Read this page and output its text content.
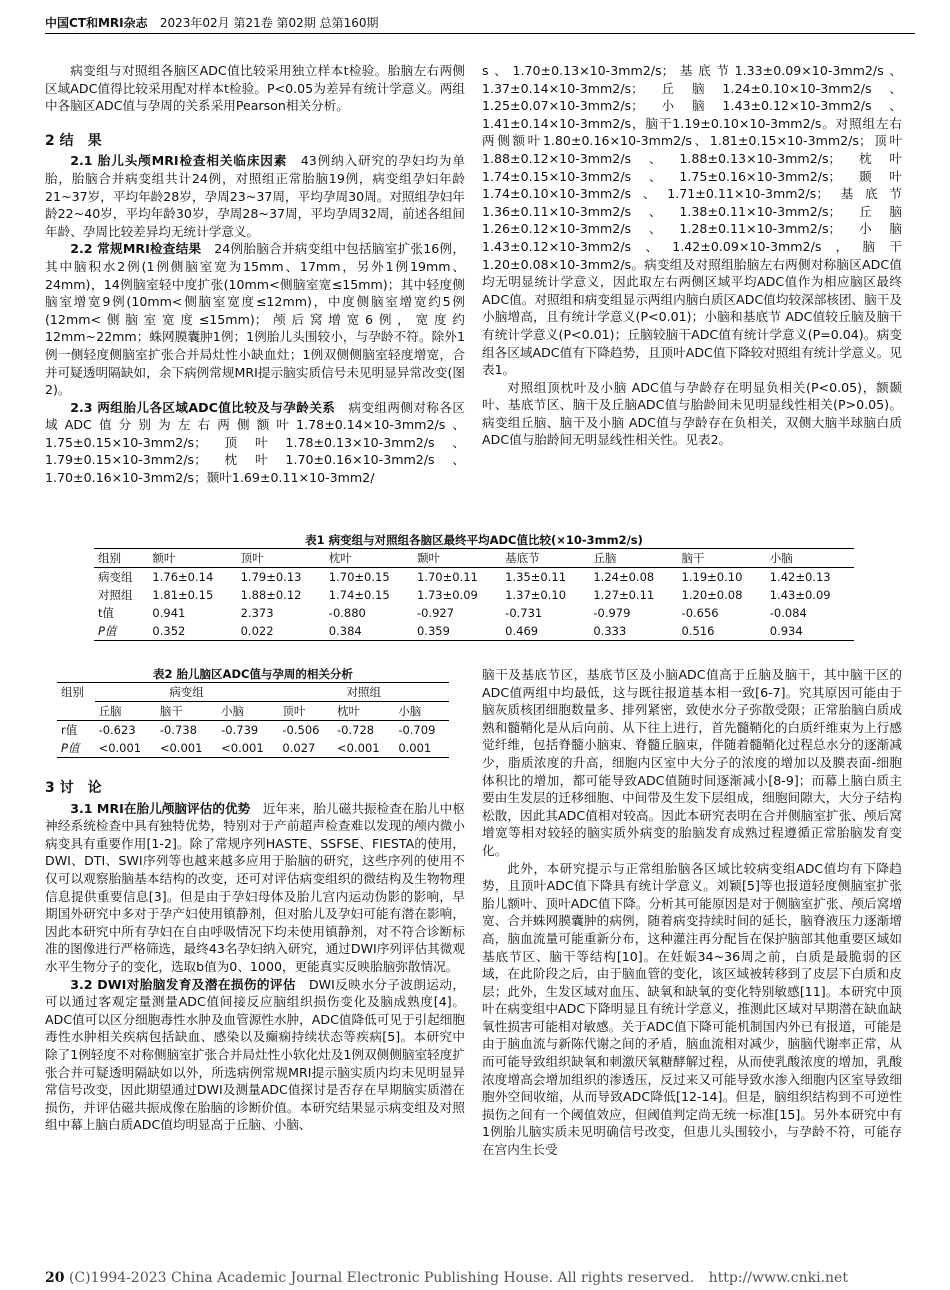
中国CT和MRI杂志 2023年02月 第21卷 第02期 总第160期

病变组与对照组各脑区ADC值比较采用独立样本t检验。胎脑左右两侧区域ADC值得比较采用配对样本t检验。P<0.05为差异有统计学意义。两组中各脑区ADC值与孕周的关系采用Pearson相关分析。

2 结　果

2.1 胎儿头颅MRI检查相关临床因素　 43例纳入研究的孕妇均为单胎，胎脑合并病变组共计24例，对照组正常胎脑19例，病变组孕妇年龄21~37岁，平均年龄28岁，孕周23~37周，平均孕周30周。对照组孕妇年龄22~40岁，平均年龄30岁，孕周28~37周，平均孕周32周，前述各组间年龄、孕周比较差异均无统计学意义。

2.2 常规MRI检查结果　 24例胎脑合并病变组中包括脑室扩张16例，其中脑积水2例(1例侧脑室宽为15mm、17mm，另外1例19mm、24mm)，14例脑室轻中度扩张(10mm<侧脑室宽≤15mm)；其中轻度侧脑室增宽9例(10mm<侧脑室宽度≤12mm)，中度侧脑室增宽约5例(12mm<侧脑室宽度≤15mm)；颅后窝增宽6例，宽度约12mm~22mm；蛛网膜囊肿1例；1例胎儿头围较小，与孕龄不符。除外1例一侧轻度侧脑室扩张合并局灶性小缺血灶；1例双侧侧脑室轻度增宽，合并可疑透明隔缺如，余下病例常规MRI提示脑实质信号未见明显异常改变(图2)。

2.3 两组胎儿各区域ADC值比较及与孕龄关系　 病变组两侧对称各区域ADC值分别为左右两侧额叶1.78±0.14×10-3mm2/s、1.75±0.15×10-3mm2/s；顶叶1.78±0.13×10-3mm2/s、1.79±0.15×10-3mm2/s；枕叶1.70±0.16×10-3mm2/s、1.70±0.16×10-3mm2/s；颞叶1.69±0.11×10-3mm2/

s、1.70±0.13×10-3mm2/s；基底节1.33±0.09×10-3mm2/s、1.37±0.14×10-3mm2/s；丘脑1.24±0.10×10-3mm2/s、1.25±0.07×10-3mm2/s；小脑1.43±0.12×10-3mm2/s、1.41±0.14×10-3mm2/s，脑干1.19±0.10×10-3mm2/s。对照组左右两侧额叶1.80±0.16×10-3mm2/s、1.81±0.15×10-3mm2/s；顶叶1.88±0.12×10-3mm2/s、1.88±0.13×10-3mm2/s；枕叶1.74±0.15×10-3mm2/s、1.75±0.16×10-3mm2/s；颞叶1.74±0.10×10-3mm2/s、1.71±0.11×10-3mm2/s；基底节1.36±0.11×10-3mm2/s、1.38±0.11×10-3mm2/s；丘脑1.26±0.12×10-3mm2/s、1.28±0.11×10-3mm2/s；小脑1.43±0.12×10-3mm2/s、1.42±0.09×10-3mm2/s，脑干1.20±0.08×10-3mm2/s。病变组及对照组胎脑左右两侧对称脑区ADC值均无明显统计学意义，因此取左右两侧区域平均ADC值作为相应脑区最终ADC值。对照组和病变组显示两组内脑白质区ADC值均较深部核团、脑干及小脑增高，且有统计学意义(P<0.01)；小脑和基底节 ADC值较丘脑及脑干有统计学意义(P<0.01)；丘脑较脑干ADC值有统计学意义(P=0.04)。病变组各区域ADC值有下降趋势，且顶叶ADC值下降较对照组有统计学意义。见表1。

对照组顶枕叶及小脑 ADC值与孕龄存在明显负相关(P<0.05)，额颞叶、基底节区、脑干及丘脑ADC值与胎龄间未见明显线性相关(P>0.05)。病变组丘脑、脑干及小脑 ADC值与孕龄存在负相关，双侧大脑半球脑白质 ADC值与胎龄间无明显线性相关性。见表2。

表1 病变组与对照组各脑区最终平均ADC值比较(×10-3mm2/s)
组别	额叶	顶叶	枕叶	颞叶	基底节	丘脑	脑干	小脑
病变组	1.76±0.14	1.79±0.13	1.70±0.15	1.70±0.11	1.35±0.11	1.24±0.08	1.19±0.10	1.42±0.13
对照组	1.81±0.15	1.88±0.12	1.74±0.15	1.73±0.09	1.37±0.10	1.27±0.11	1.20±0.08	1.43±0.09
t值	0.941	2.373	-0.880	-0.927	-0.731	-0.979	-0.656	-0.084
P值	0.352	0.022	0.384	0.359	0.469	0.333	0.516	0.934
表2 胎儿脑区ADC值与孕周的相关分析
组别	病变组			对照组		
	丘脑	脑干	小脑	顶叶	枕叶	小脑
r值	-0.623	-0.738	-0.739	-0.506	-0.728	-0.709
P值	<0.001	<0.001	<0.001	0.027	<0.001	0.001
3 讨　论

3.1 MRI在胎儿颅脑评估的优势　 近年来，胎儿磁共振检查在胎儿中枢神经系统检查中具有独特优势，特别对于产前超声检查难以发现的颅内微小病变具有重要作用[1-2]。除了常规序列HASTE、SSFSE、FIESTA的使用，DWI、DTI、SWI序列等也越来越多应用于胎脑的研究，这些序列的使用不仅可以观察胎脑基本结构的改变，还可对评估病变组织的微结构及生物物理信息提供重要信息[3]。但是由于孕妇母体及胎儿宫内运动伪影的影响，早期国外研究中多对于孕产妇使用镇静剂，但对胎儿及孕妇可能有潜在影响，因此本研究中所有孕妇在自由呼吸情况下均未使用镇静剂，对不符合诊断标准的图像进行严格筛选，最终43名孕妇纳入研究，通过DWI序列评估其微观水平生物分子的变化，选取b值为0、1000，更能真实反映胎脑弥散情况。

3.2 DWI对胎脑发育及潜在损伤的评估　 DWI反映水分子波朗运动，可以通过客观定量测量ADC值间接反应脑组织损伤变化及脑成熟度[4]。ADC值可以区分细胞毒性水肿及血管源性水肿，ADC值降低可见于引起细胞毒性水肿相关疾病包括缺血、感染以及癫痫持续状态等疾病[5]。本研究中除了1例轻度不对称侧脑室扩张合并局灶性小软化灶及1例双侧侧脑室轻度扩张合并可疑透明隔缺如以外，所选病例常规MRI提示脑实质内均未见明显异常信号改变，因此期望通过DWI及测量ADC值探讨是否存在早期脑实质潜在损伤，并评估磁共振成像在胎脑的诊断价值。本研究结果显示病变组及对照组中幕上脑白质ADC值均明显高于丘脑、小脑、

脑干及基底节区，基底节区及小脑ADC值高于丘脑及脑干，其中脑干区的ADC值两组中均最低，这与既往报道基本相一致[6-7]。究其原因可能由于脑灰质核团细胞数量多、排列紧密，致使水分子弥散受限；正常胎脑白质成熟和髓鞘化是从后向前、从下往上进行，首先髓鞘化的白质纤维束为上行感觉纤维，包括脊髓小脑束、脊髓丘脑束，伴随着髓鞘化过程总水分的逐渐减少，脂质浓度的升高，细胞内区室中大分子的浓度的增加以及膜表面-细胞体积比的增加，都可能导致ADC值随时间逐渐减小[8-9]；而幕上脑白质主要由生发层的迁移细胞、中间带及生发下层组成，细胞间隙大，大分子结构松散，因此其ADC值相对较高。因此本研究表明在合并侧脑室扩张、颅后窝增宽等相对较轻的脑实质外病变的胎脑发育成熟过程遵循正常胎脑发育变化。

此外，本研究提示与正常组胎脑各区域比较病变组ADC值均有下降趋势，且顶叶ADC值下降具有统计学意义。刘颖[5]等也报道轻度侧脑室扩张胎儿额叶、顶叶ADC值下降。分析其可能原因是对于侧脑室扩张、颅后窝增宽、合并蛛网膜囊肿的病例，随着病变持续时间的延长，脑脊液压力逐渐增高，脑血流量可能重新分布，这种灌注再分配旨在保护脑部其他重要区域如基底节区、脑干等结构[10]。在妊娠34~36周之前，白质是最脆弱的区域，在此阶段之后，由于脑血管的变化，该区域被转移到了皮层下白质和皮层；此外，生发区域对血压、缺氧和缺氧的变化特别敏感[11]。本研究中顶叶在病变组中ADC下降明显且有统计学意义，推测此区域对早期潜在缺血缺氧性损害可能相对敏感。关于ADC值下降可能机制国内外已有报道，可能是由于脑血流与新陈代谢之间的矛盾，脑血流相对减少，脑脑代谢率正常，从而可能导致组织缺氧和刺激厌氧糖酵解过程，从而使乳酸浓度的增加，乳酸浓度增高会增加组织的渗透压，反过来又可能导致水渗入细胞内区室导致细胞外空间收缩，从而导致ADC降低[12-14]。但是，脑组织结构到不可逆性损伤之间有一个阈值效应，但阈值判定尚无统一标准[15]。另外本研究中有1例胎儿脑实质未见明确信号改变，但患儿头围较小，与孕龄不符，可能存在宫内生长受

20 (C)1994-2023 China Academic Journal Electronic Publishing House. All rights reserved. http://www.cnki.net
